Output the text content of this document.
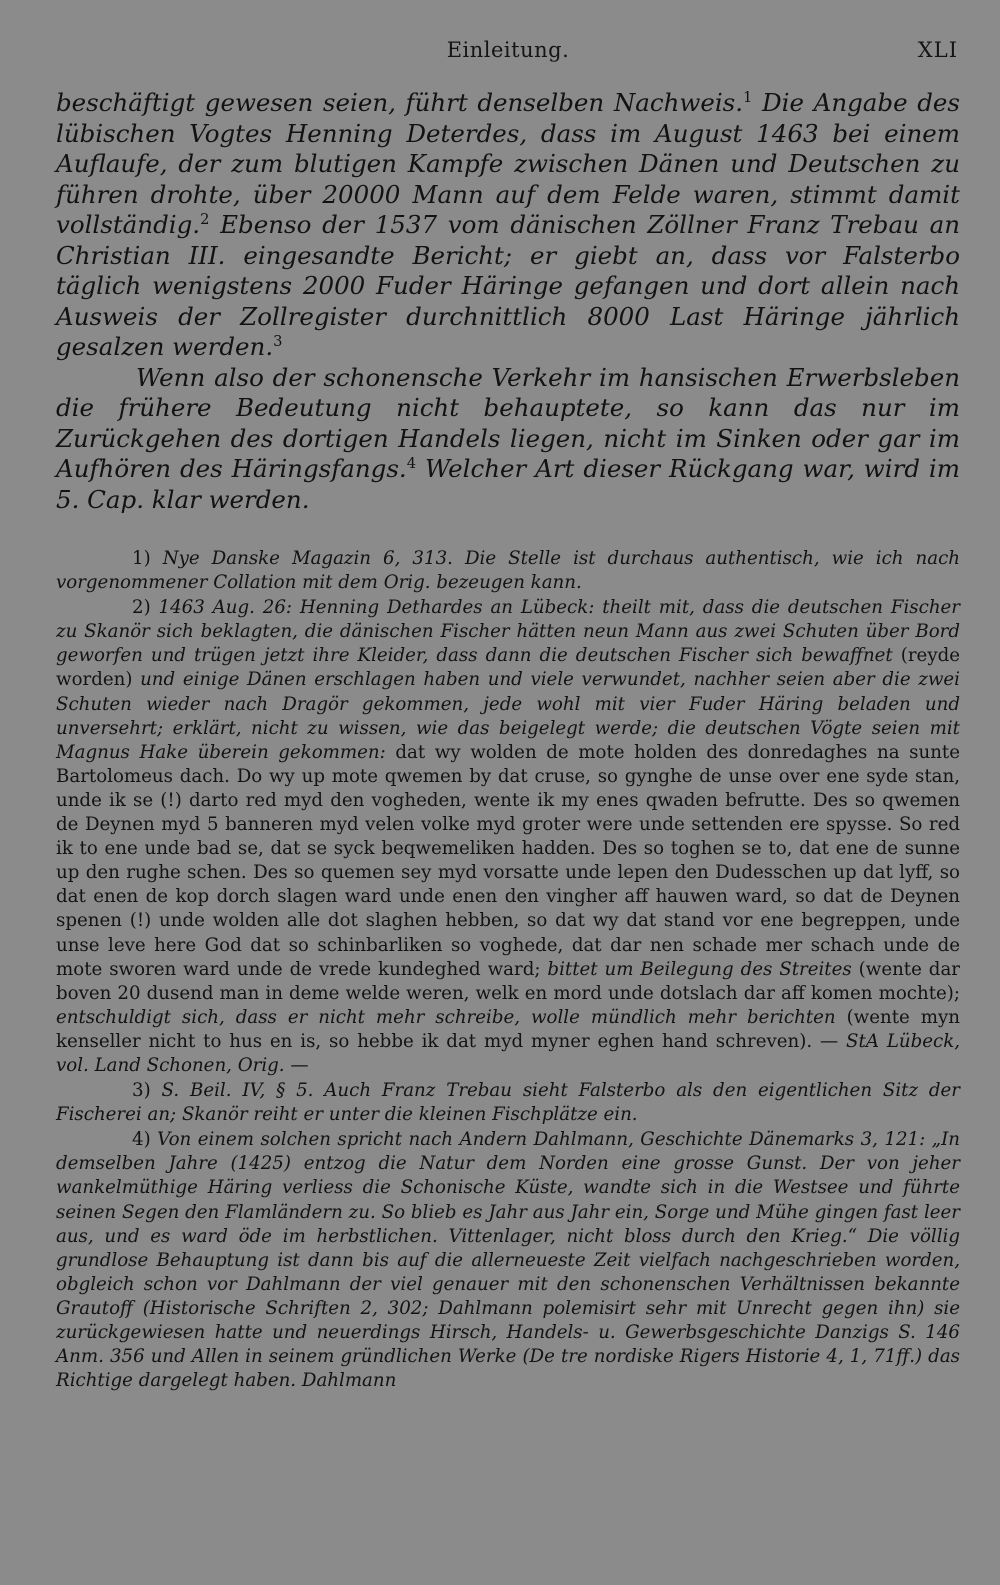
Einleitung.	XLI

beschäftigt gewesen seien, führt denselben Nachweis.$^1$ Die Angabe des lübischen Vogtes Henning Deterdes, dass im August 1463 bei einem Auflaufe, der zum blutigen Kampfe zwischen Dänen und Deutschen zu führen drohte, über 20000 Mann auf dem Felde waren, stimmt damit vollständig.$^2$ Ebenso der 1537 vom dänischen Zöllner Franz Trebau an Christian III. eingesandte Bericht; er giebt an, dass vor Falsterbo täglich wenigstens 2000 Fuder Häringe gefangen und dort allein nach Ausweis der Zollregister durchnittlich 8000 Last Häringe jährlich gesalzen werden.$^3$

Wenn also der schonensche Verkehr im hansischen Erwerbsleben die frühere Bedeutung nicht behauptete, so kann das nur im Zurückgehen des dortigen Handels liegen, nicht im Sinken oder gar im Aufhören des Häringsfangs.$^4$ Welcher Art dieser Rückgang war, wird im 5. Cap. klar werden.

1) Nye Danske Magazin 6, 313. Die Stelle ist durchaus authentisch, wie ich nach vorgenommener Collation mit dem Orig. bezeugen kann.

2) 1463 Aug. 26: Henning Dethardes an Lübeck: theilt mit, dass die deutschen Fischer zu Skanör sich beklagten, die dänischen Fischer hätten neun Mann aus zwei Schuten über Bord geworfen und trügen jetzt ihre Kleider, dass dann die deutschen Fischer sich bewaffnet (reyde worden) und einige Dänen erschlagen haben und viele verwundet, nachher seien aber die zwei Schuten wieder nach Dragör gekommen, jede wohl mit vier Fuder Häring beladen und unversehrt; erklärt, nicht zu wissen, wie das beigelegt werde; die deutschen Vögte seien mit Magnus Hake überein gekommen: dat wy wolden de mote holden des donredaghes na sunte Bartolomeus dach. Do wy up mote qwemen by dat cruse, so gynghe de unse over ene syde stan, unde ik se (!) darto red myd den vogheden, wente ik my enes qwaden befrutte. Des so qwemen de Deynen myd 5 banneren myd velen volke myd groter were unde settenden ere spysse. So red ik to ene unde bad se, dat se syck beqwemeliken hadden. Des so toghen se to, dat ene de sunne up den rughe schen. Des so quemen sey myd vorsatte unde lepen den Dudesschen up dat lyff, so dat enen de kop dorch slagen ward unde enen den vingher aff hauwen ward, so dat de Deynen spenen (!) unde wolden alle dot slaghen hebben, so dat wy dat stand vor ene begreppen, unde unse leve here God dat so schinbarliken so voghede, dat dar nen schade mer schach unde de mote sworen ward unde de vrede kundeghed ward; bittet um Beilegung des Streites (wente dar boven 20 dusend man in deme welde weren, welk en mord unde dotslach dar aff komen mochte); entschuldigt sich, dass er nicht mehr schreibe, wolle mündlich mehr berichten (wente myn kenseller nicht to hus en is, so hebbe ik dat myd myner eghen hand schreven). — StA Lübeck, vol. Land Schonen, Orig. —

3) S. Beil. IV, § 5. Auch Franz Trebau sieht Falsterbo als den eigentlichen Sitz der Fischerei an; Skanör reiht er unter die kleinen Fischplätze ein.

4) Von einem solchen spricht nach Andern Dahlmann, Geschichte Dänemarks 3, 121: „In demselben Jahre (1425) entzog die Natur dem Norden eine grosse Gunst. Der von jeher wankelmüthige Häring verliess die Schonische Küste, wandte sich in die Westsee und führte seinen Segen den Flamländern zu. So blieb es Jahr aus Jahr ein, Sorge und Mühe gingen fast leer aus, und es ward öde im herbstlichen. Vittenlager, nicht bloss durch den Krieg.“ Die völlig grundlose Behauptung ist dann bis auf die allerneueste Zeit vielfach nachgeschrieben worden, obgleich schon vor Dahlmann der viel genauer mit den schonenschen Verhältnissen bekannte Grautoff (Historische Schriften 2, 302; Dahlmann polemisirt sehr mit Unrecht gegen ihn) sie zurückgewiesen hatte und neuerdings Hirsch, Handels- u. Gewerbsgeschichte Danzigs S. 146 Anm. 356 und Allen in seinem gründlichen Werke (De tre nordiske Rigers Historie 4, 1, 71ff.) das Richtige dargelegt haben. Dahlmann
